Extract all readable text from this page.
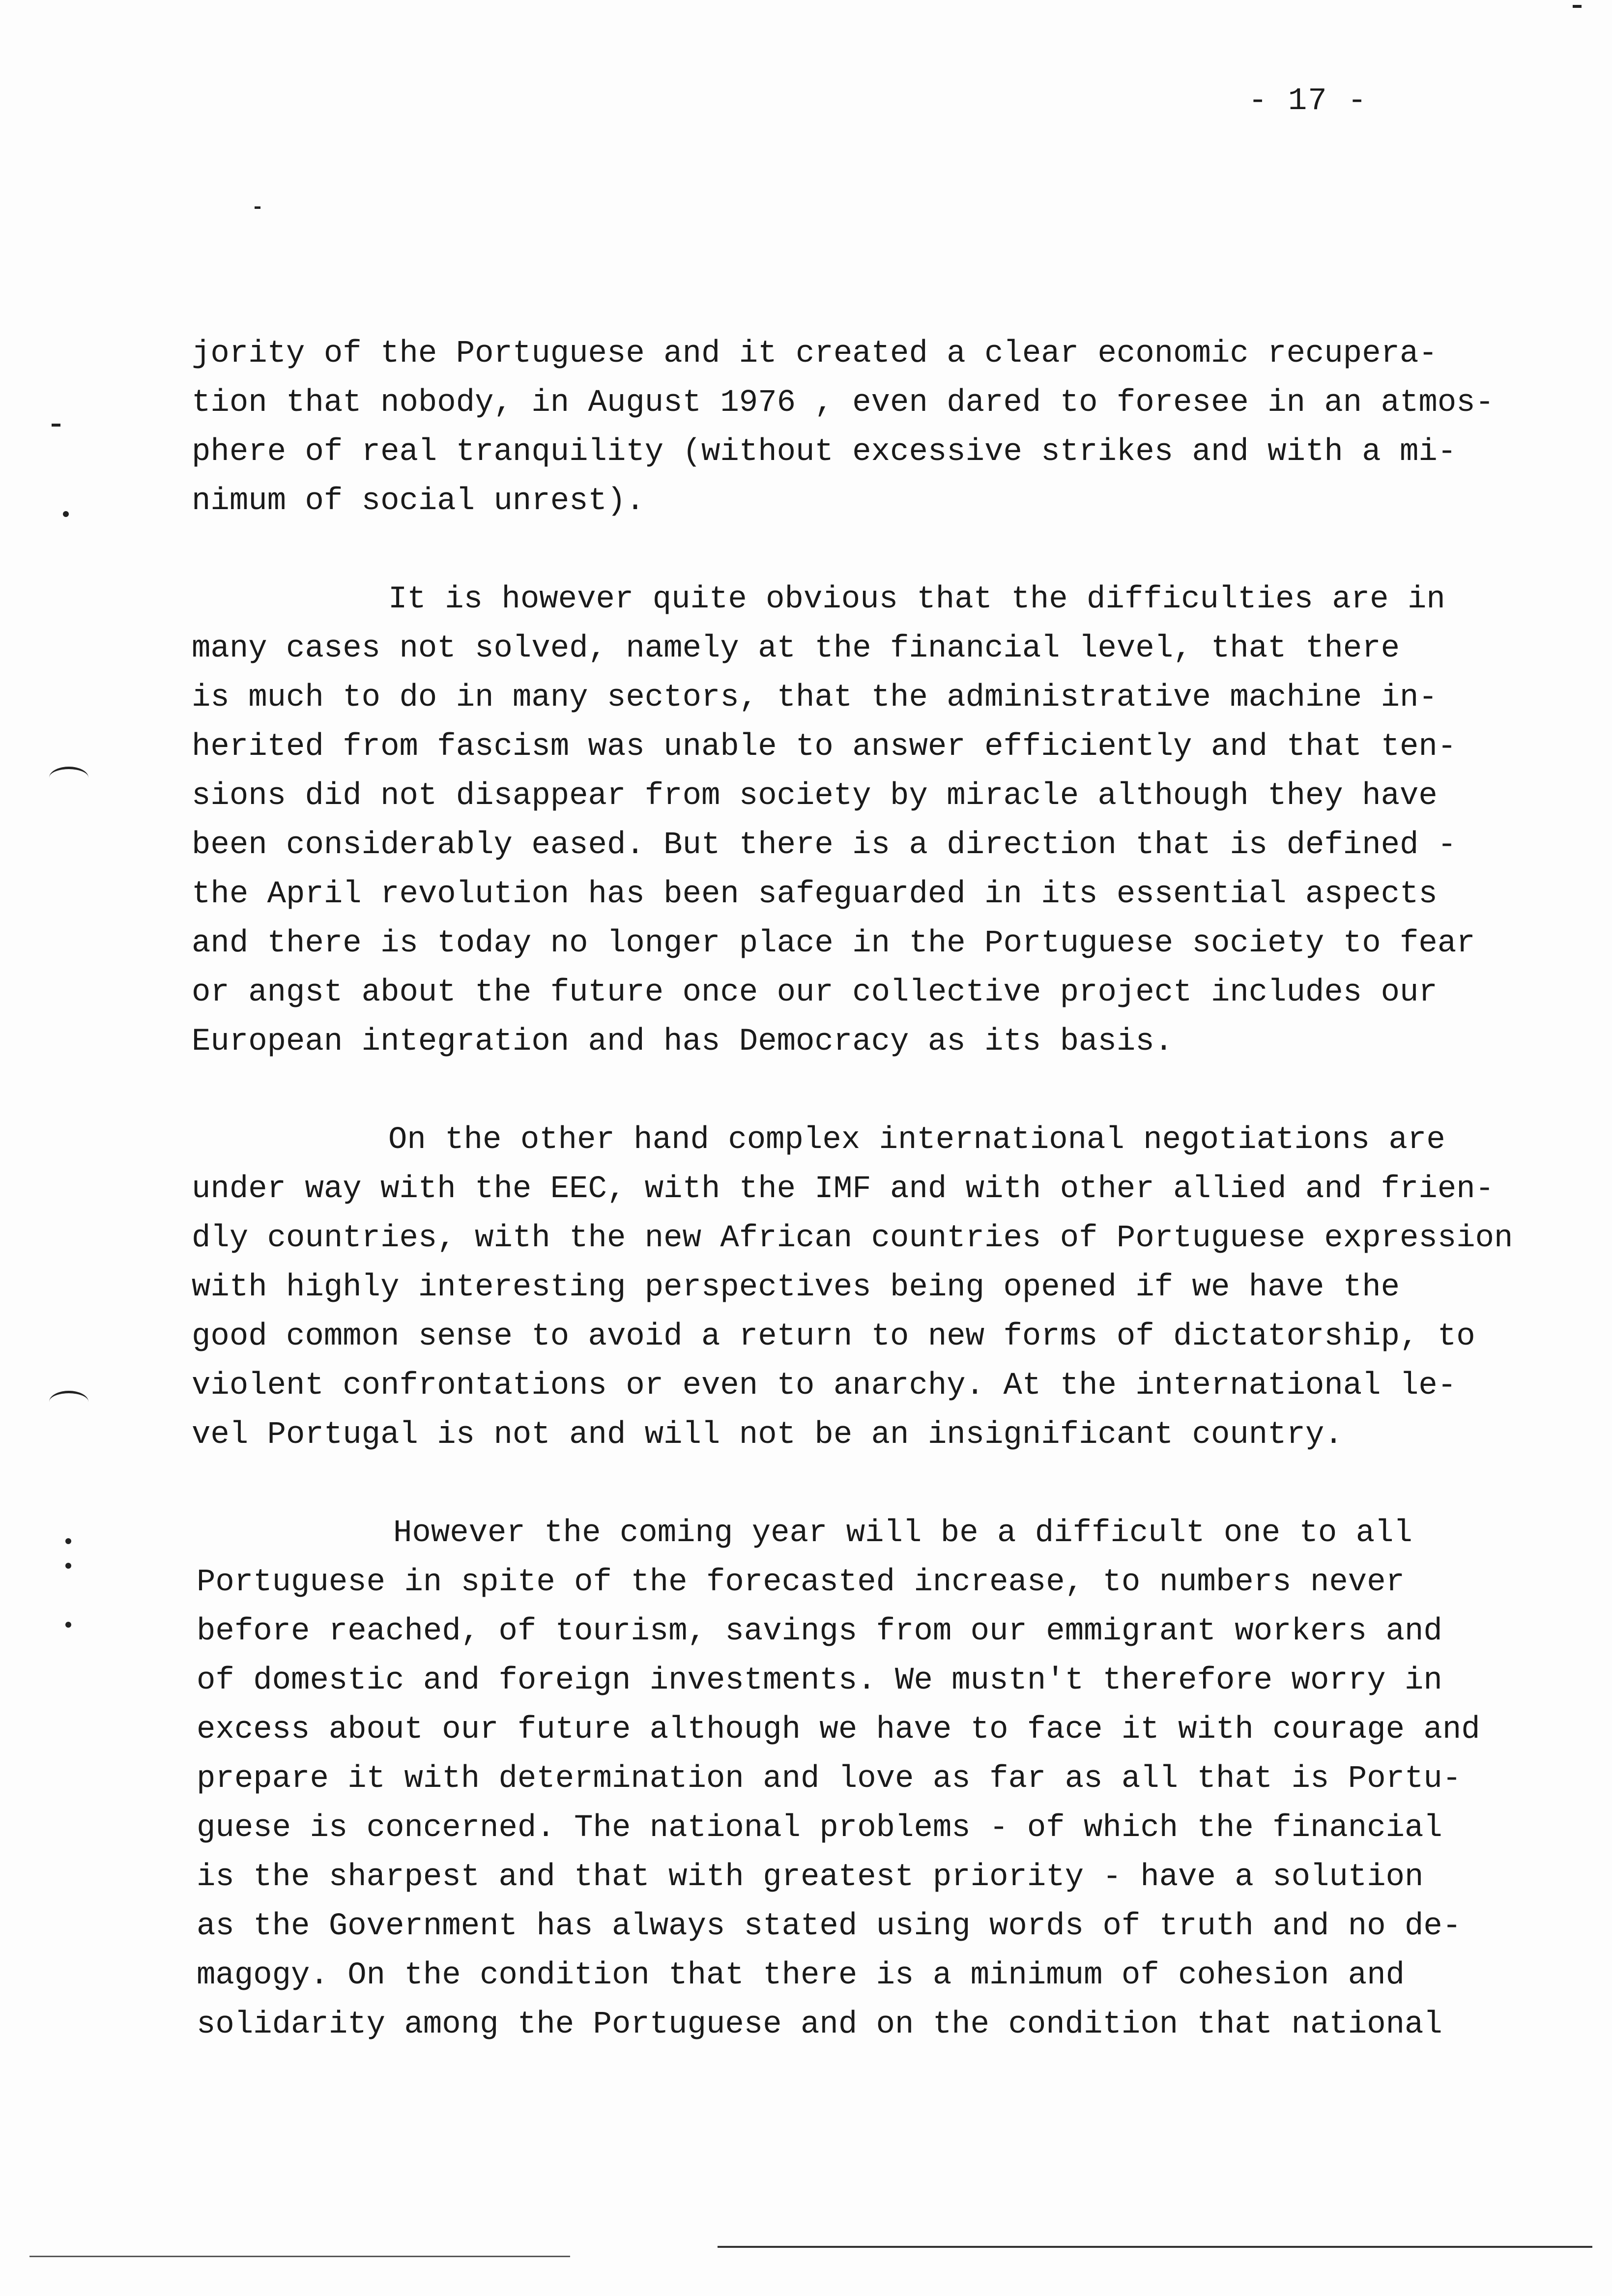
- 17 -
jority of the Portuguese and it created a clear economic recupera-
tion that nobody, in August 1976 , even dared to foresee in an atmos-
phere of real tranquility (without excessive strikes and with a mi-
nimum of social unrest).
It is however quite obvious that the difficulties are in
many cases not solved, namely at the financial level, that there
is much to do in many sectors, that the administrative machine in-
herited from fascism was unable to answer efficiently and that ten-
sions did not disappear from society by miracle although they have
been considerably eased. But there is a direction that is defined -
the April revolution has been safeguarded in its essential aspects
and there is today no longer place in the Portuguese society to fear
or angst about the future once our collective project includes our
European integration and has Democracy as its basis.
On the other hand complex international negotiations are
under way with the EEC, with the IMF and with other allied and frien-
dly countries, with the new African countries of Portuguese expression
with highly interesting perspectives being opened if we have the
good common sense to avoid a return to new forms of dictatorship, to
violent confrontations or even to anarchy. At the international le-
vel Portugal is not and will not be an insignificant country.
However the coming year will be a difficult one to all
Portuguese in spite of the forecasted increase, to numbers never
before reached, of tourism, savings from our emmigrant workers and
of domestic and foreign investments. We mustn't therefore worry in
excess about our future although we have to face it with courage and
prepare it with determination and love as far as all that is Portu-
guese is concerned. The national problems - of which the financial
is the sharpest and that with greatest priority - have a solution
as the Government has always stated using words of truth and no de-
magogy. On the condition that there is a minimum of cohesion and
solidarity among the Portuguese and on the condition that national
